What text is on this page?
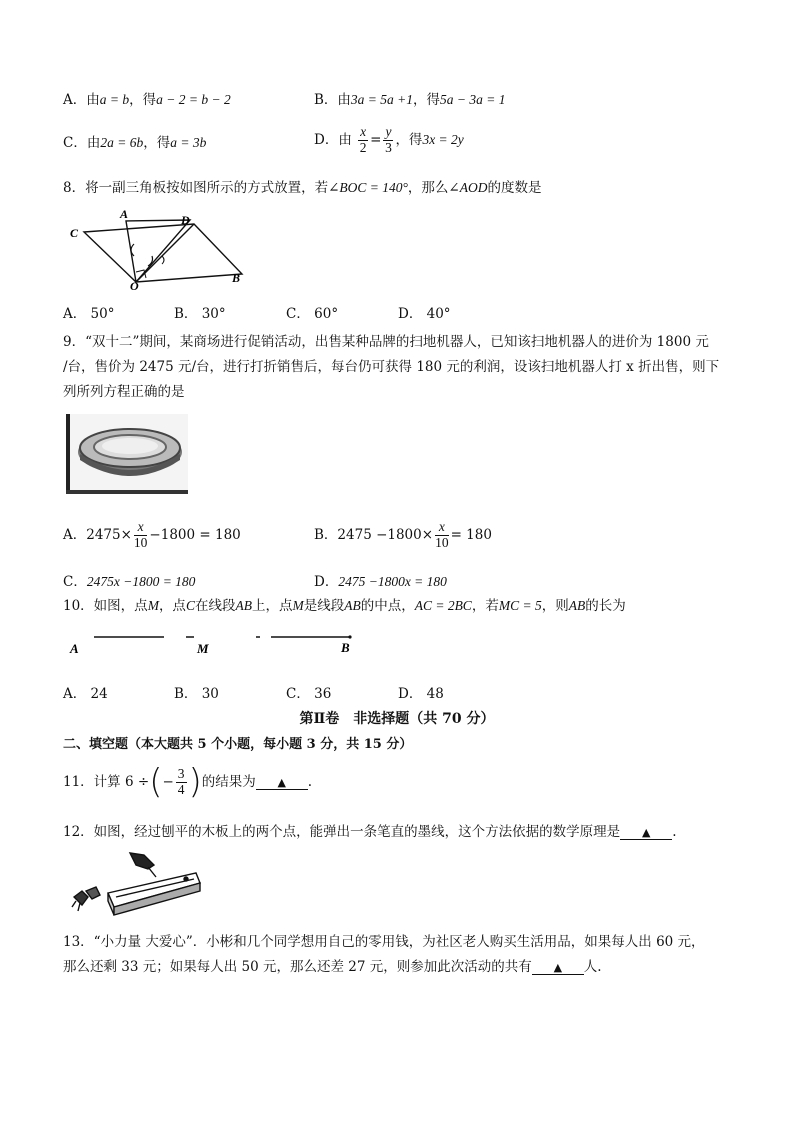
A．由a = b，得a − 2 = b − 2	B．由3a = 5a +1，得5a − 3a = 1
C．由2a = 6b，得a = 3b	D．由 $\frac{x}{2} = \frac{y}{3}$ ，得3x = 2y
8．将一副三角板按如图所示的方式放置，若∠BOC = 140°，那么∠AOD的度数是
A	D
C
B
O
A． 50°	B． 30°	C． 60°	D． 40°
9．“双十二”期间，某商场进行促销活动，出售某种品牌的扫地机器人，已知该扫地机器人的进价为 1800 元
/台，售价为 2475 元/台，进行打折销售后，每台仍可获得 180 元的利润，设该扫地机器人打 x 折出售，则下
列所列方程正确的是
A．$2475\times \frac{x}{10} -1800 = 180$	B．$2475 -1800\times \frac{x}{10} = 180$
C．2475x −1800 = 180	D．2475 −1800x = 180
10．如图，点M，点C在线段AB上，点M是线段AB的中点，AC = 2BC，若MC = 5，则AB的长为
A	M	B
A． 24	B． 30	C． 36	D． 48
第Ⅱ卷　非选择题（共 70 分）
二、填空题（本大题共 5 个小题，每小题 3 分，共 15 分）
11．计算 6 ÷(− $\frac{3}{4}$ )的结果为 ▲ .
12．如图，经过刨平的木板上的两个点，能弹出一条笔直的墨线，这个方法依据的数学原理是 ▲ .
13．“小力量 大爱心”．小彬和几个同学想用自己的零用钱，为社区老人购买生活用品，如果每人出 60 元，
那么还剩 33 元；如果每人出 50 元，那么还差 27 元，则参加此次活动的共有 ▲ 人.
